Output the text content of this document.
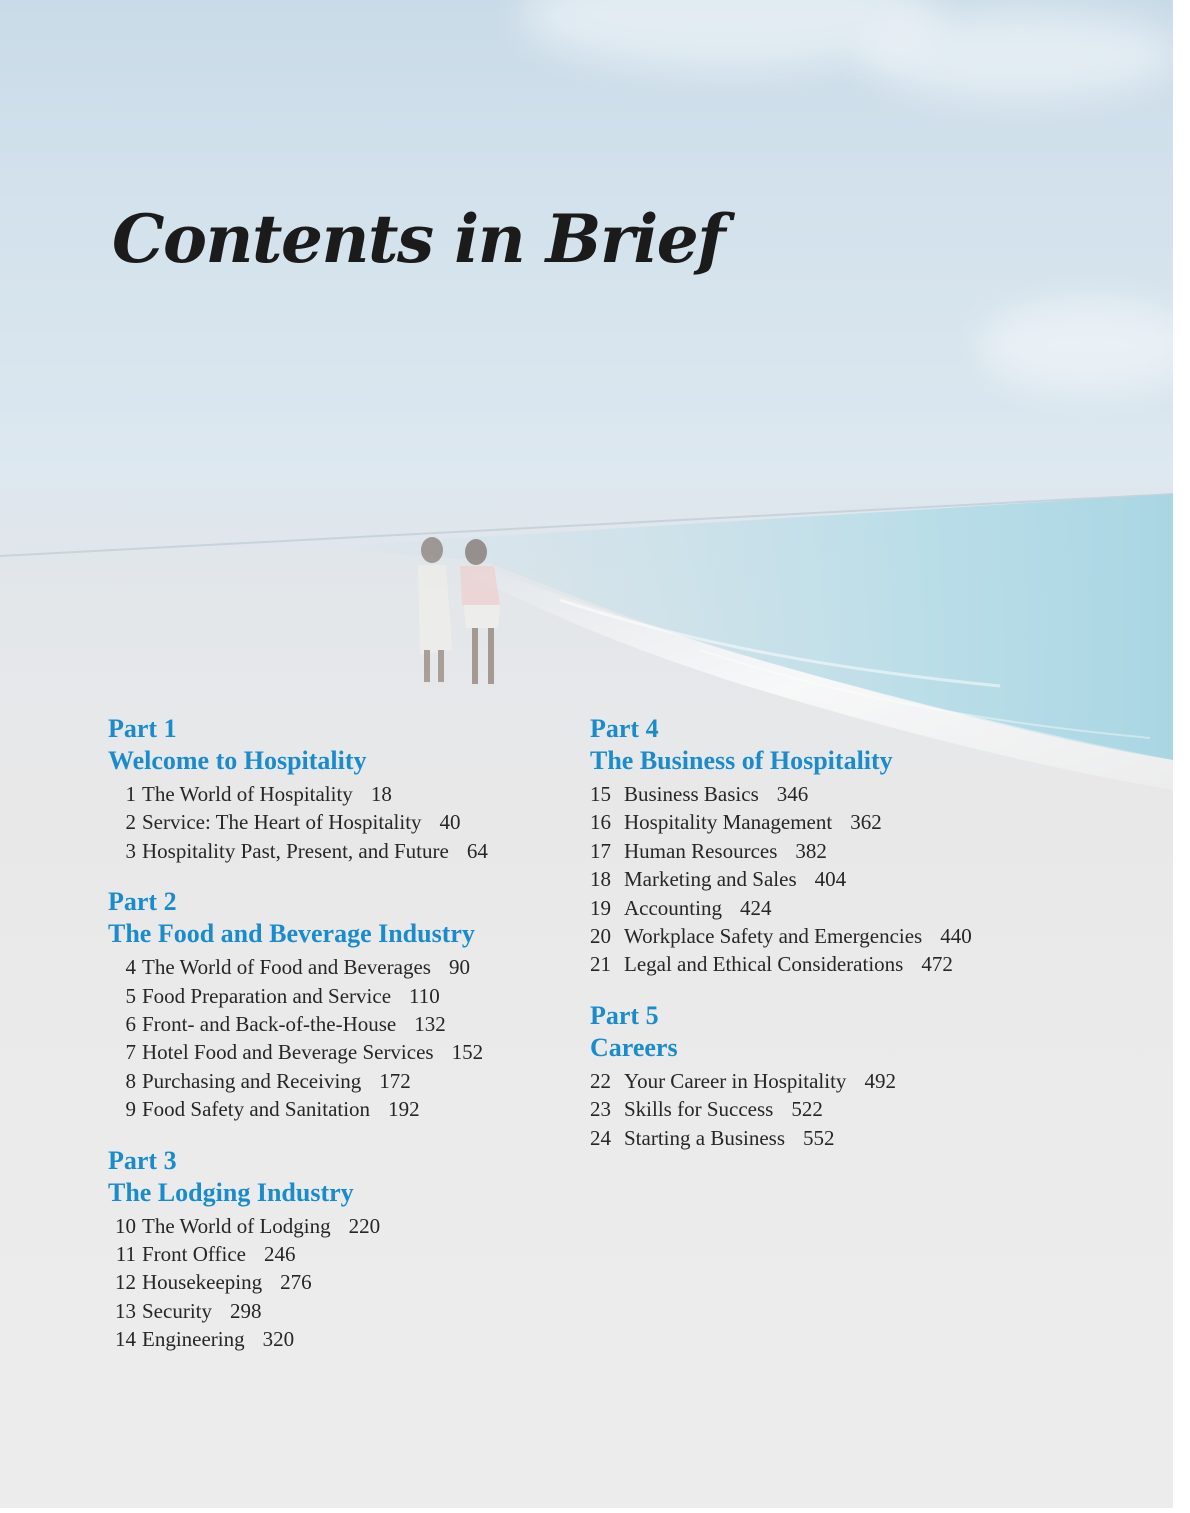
Contents in Brief
Part 1
Welcome to Hospitality
1 The World of Hospitality 18
2 Service: The Heart of Hospitality 40
3 Hospitality Past, Present, and Future 64
Part 2
The Food and Beverage Industry
4 The World of Food and Beverages 90
5 Food Preparation and Service 110
6 Front- and Back-of-the-House 132
7 Hotel Food and Beverage Services 152
8 Purchasing and Receiving 172
9 Food Safety and Sanitation 192
Part 3
The Lodging Industry
10 The World of Lodging 220
11 Front Office 246
12 Housekeeping 276
13 Security 298
14 Engineering 320
Part 4
The Business of Hospitality
15 Business Basics 346
16 Hospitality Management 362
17 Human Resources 382
18 Marketing and Sales 404
19 Accounting 424
20 Workplace Safety and Emergencies 440
21 Legal and Ethical Considerations 472
Part 5
Careers
22 Your Career in Hospitality 492
23 Skills for Success 522
24 Starting a Business 552
